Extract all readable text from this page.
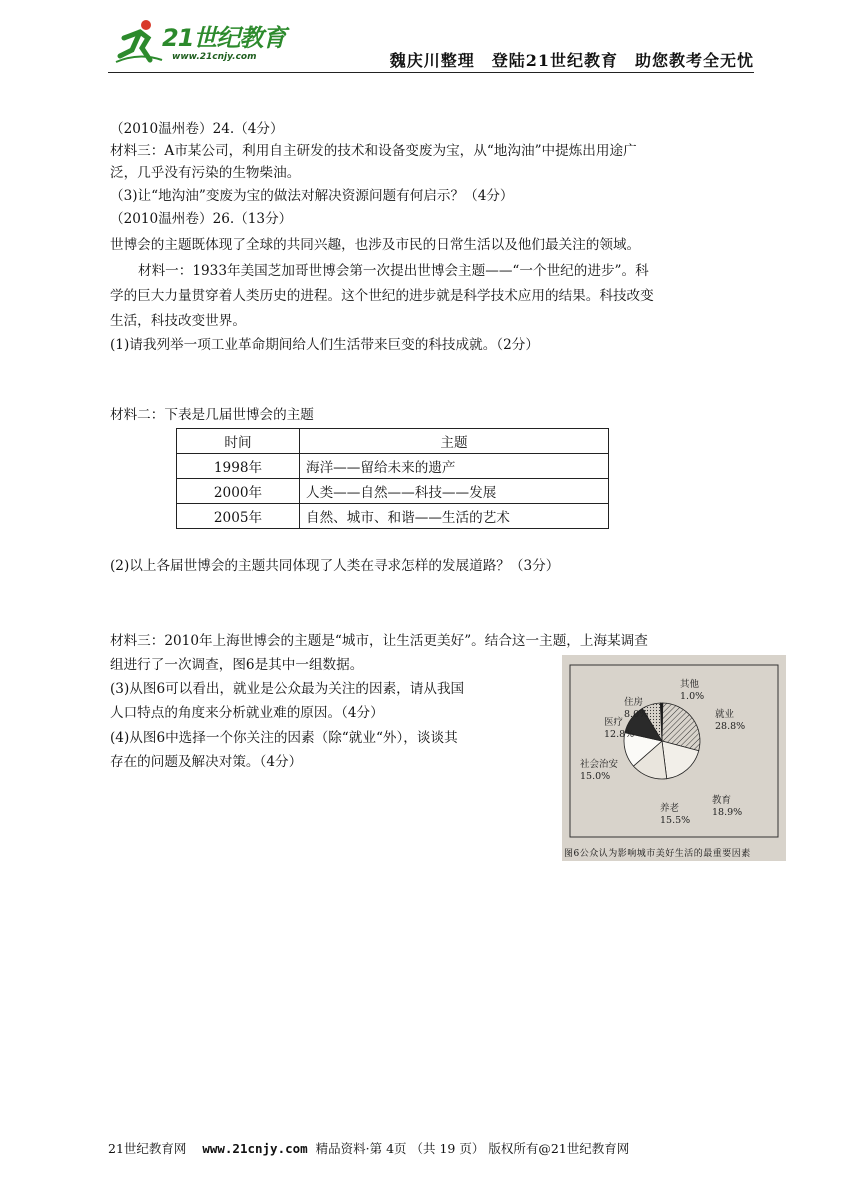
21世纪教育
www.21cnjy.com	魏庆川整理　登陆21世纪教育　助您教考全无忧
（2010温州卷）24.（4分）
材料三：A市某公司，利用自主研发的技术和设备变废为宝，从“地沟油”中提炼出用途广
泛，几乎没有污染的生物柴油。
（3)让“地沟油”变废为宝的做法对解决资源问题有何启示？（4分）
（2010温州卷）26.（13分）
世博会的主题既体现了全球的共同兴趣，也涉及市民的日常生活以及他们最关注的领域。
材料一：1933年美国芝加哥世博会第一次提出世博会主题——“一个世纪的进步”。科
学的巨大力量贯穿着人类历史的进程。这个世纪的进步就是科学技术应用的结果。科技改变
生活，科技改变世界。
(1)请我列举一项工业革命期间给人们生活带来巨变的科技成就。（2分）
材料二：下表是几届世博会的主题
时间	主题
1998年	海洋——留给未来的遗产
2000年	人类——自然——科技——发展
2005年	自然、城市、和谐——生活的艺术
(2)以上各届世博会的主题共同体现了人类在寻求怎样的发展道路？（3分）
材料三：2010年上海世博会的主题是“城市，让生活更美好”。结合这一主题，上海某调查
组进行了一次调查，图6是其中一组数据。
(3)从图6可以看出，就业是公众最为关注的因素，请从我国
人口特点的角度来分析就业难的原因。（4分）
(4)从图6中选择一个你关注的因素（除“就业“外），谈谈其
存在的问题及解决对策。（4分）
就业
28.8%
教育
18.9%
养老
15.5%
社会治安
15.0%
医疗
12.8%
住房
8.0%
其他
1.0%
图6公众认为影响城市美好生活的最重要因素
21世纪教育网 www.21cnjy.com 精品资料·第 4页 （共 19 页） 版权所有@21世纪教育网
